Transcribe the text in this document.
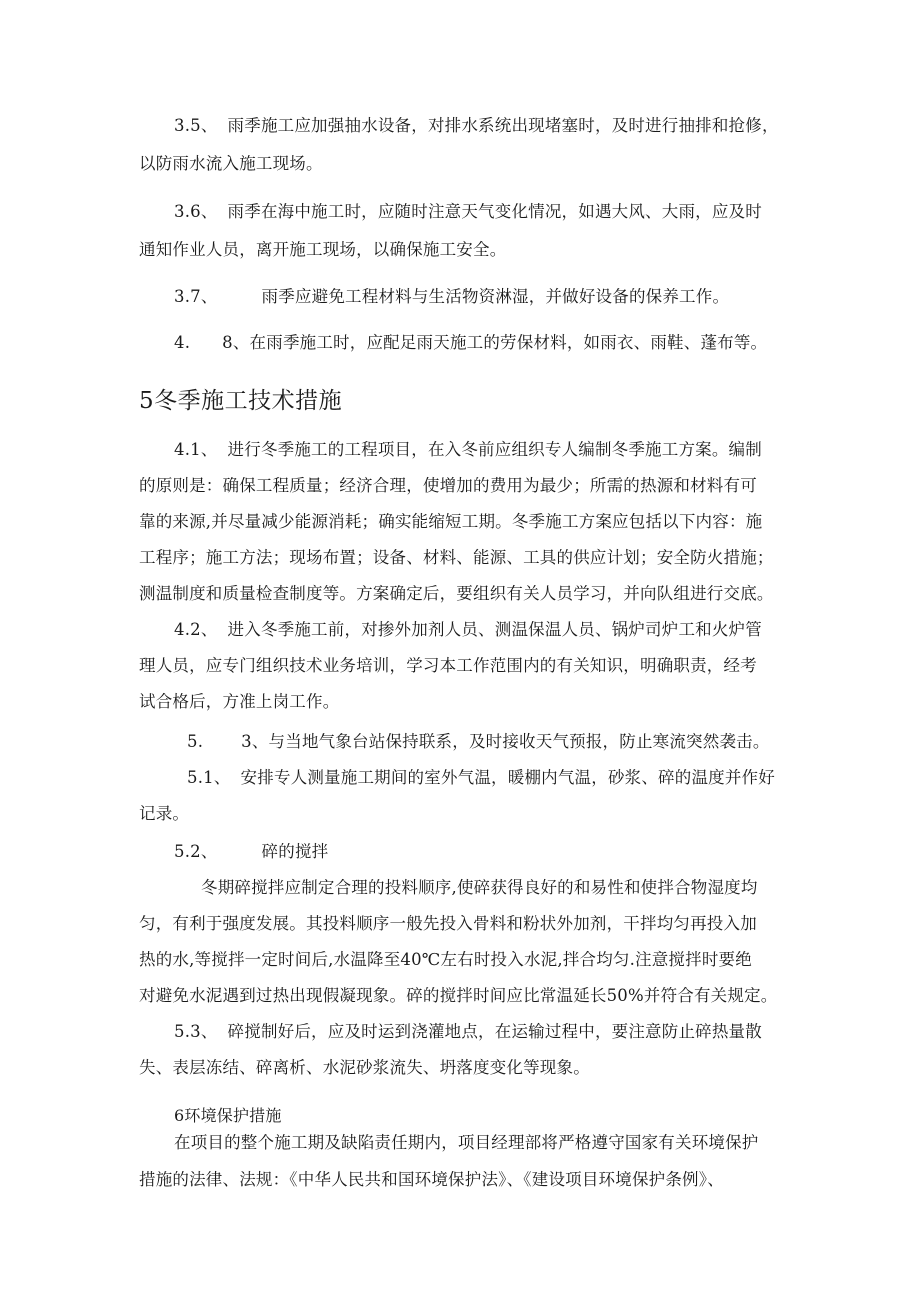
3.5、 雨季施工应加强抽水设备，对排水系统出现堵塞时，及时进行抽排和抢修，
以防雨水流入施工现场。
3.6、 雨季在海中施工时，应随时注意天气变化情况，如遇大风、大雨，应及时
通知作业人员，离开施工现场，以确保施工安全。
3.7、	雨季应避免工程材料与生活物资淋湿，并做好设备的保养工作。
4. 8、在雨季施工时，应配足雨天施工的劳保材料，如雨衣、雨鞋、蓬布等。
5冬季施工技术措施
4.1、 进行冬季施工的工程项目，在入冬前应组织专人编制冬季施工方案。编制
的原则是：确保工程质量；经济合理，使增加的费用为最少；所需的热源和材料有可
靠的来源,并尽量减少能源消耗；确实能缩短工期。冬季施工方案应包括以下内容：施
工程序；施工方法；现场布置；设备、材料、能源、工具的供应计划；安全防火措施；
测温制度和质量检查制度等。方案确定后，要组织有关人员学习，并向队组进行交底。
4.2、 进入冬季施工前，对掺外加剂人员、测温保温人员、锅炉司炉工和火炉管
理人员，应专门组织技术业务培训，学习本工作范围内的有关知识，明确职责，经考
试合格后，方准上岗工作。
5. 3、与当地气象台站保持联系，及时接收天气预报，防止寒流突然袭击。
5.1、 安排专人测量施工期间的室外气温，暖棚内气温，砂浆、碎的温度并作好
记录。
5.2、	碎的搅拌
冬期碎搅拌应制定合理的投料顺序,使碎获得良好的和易性和使拌合物湿度均
匀，有利于强度发展。其投料顺序一般先投入骨料和粉状外加剂，干拌均匀再投入加
热的水,等搅拌一定时间后,水温降至40℃左右时投入水泥,拌合均匀.注意搅拌时要绝
对避免水泥遇到过热出现假凝现象。碎的搅拌时间应比常温延长50%并符合有关规定。
5.3、 碎搅制好后，应及时运到浇灌地点，在运输过程中，要注意防止碎热量散
失、表层冻结、碎离析、水泥砂浆流失、坍落度变化等现象。
6环境保护措施
在项目的整个施工期及缺陷责任期内，项目经理部将严格遵守国家有关环境保护
措施的法律、法规：《中华人民共和国环境保护法》、《建设项目环境保护条例》、
